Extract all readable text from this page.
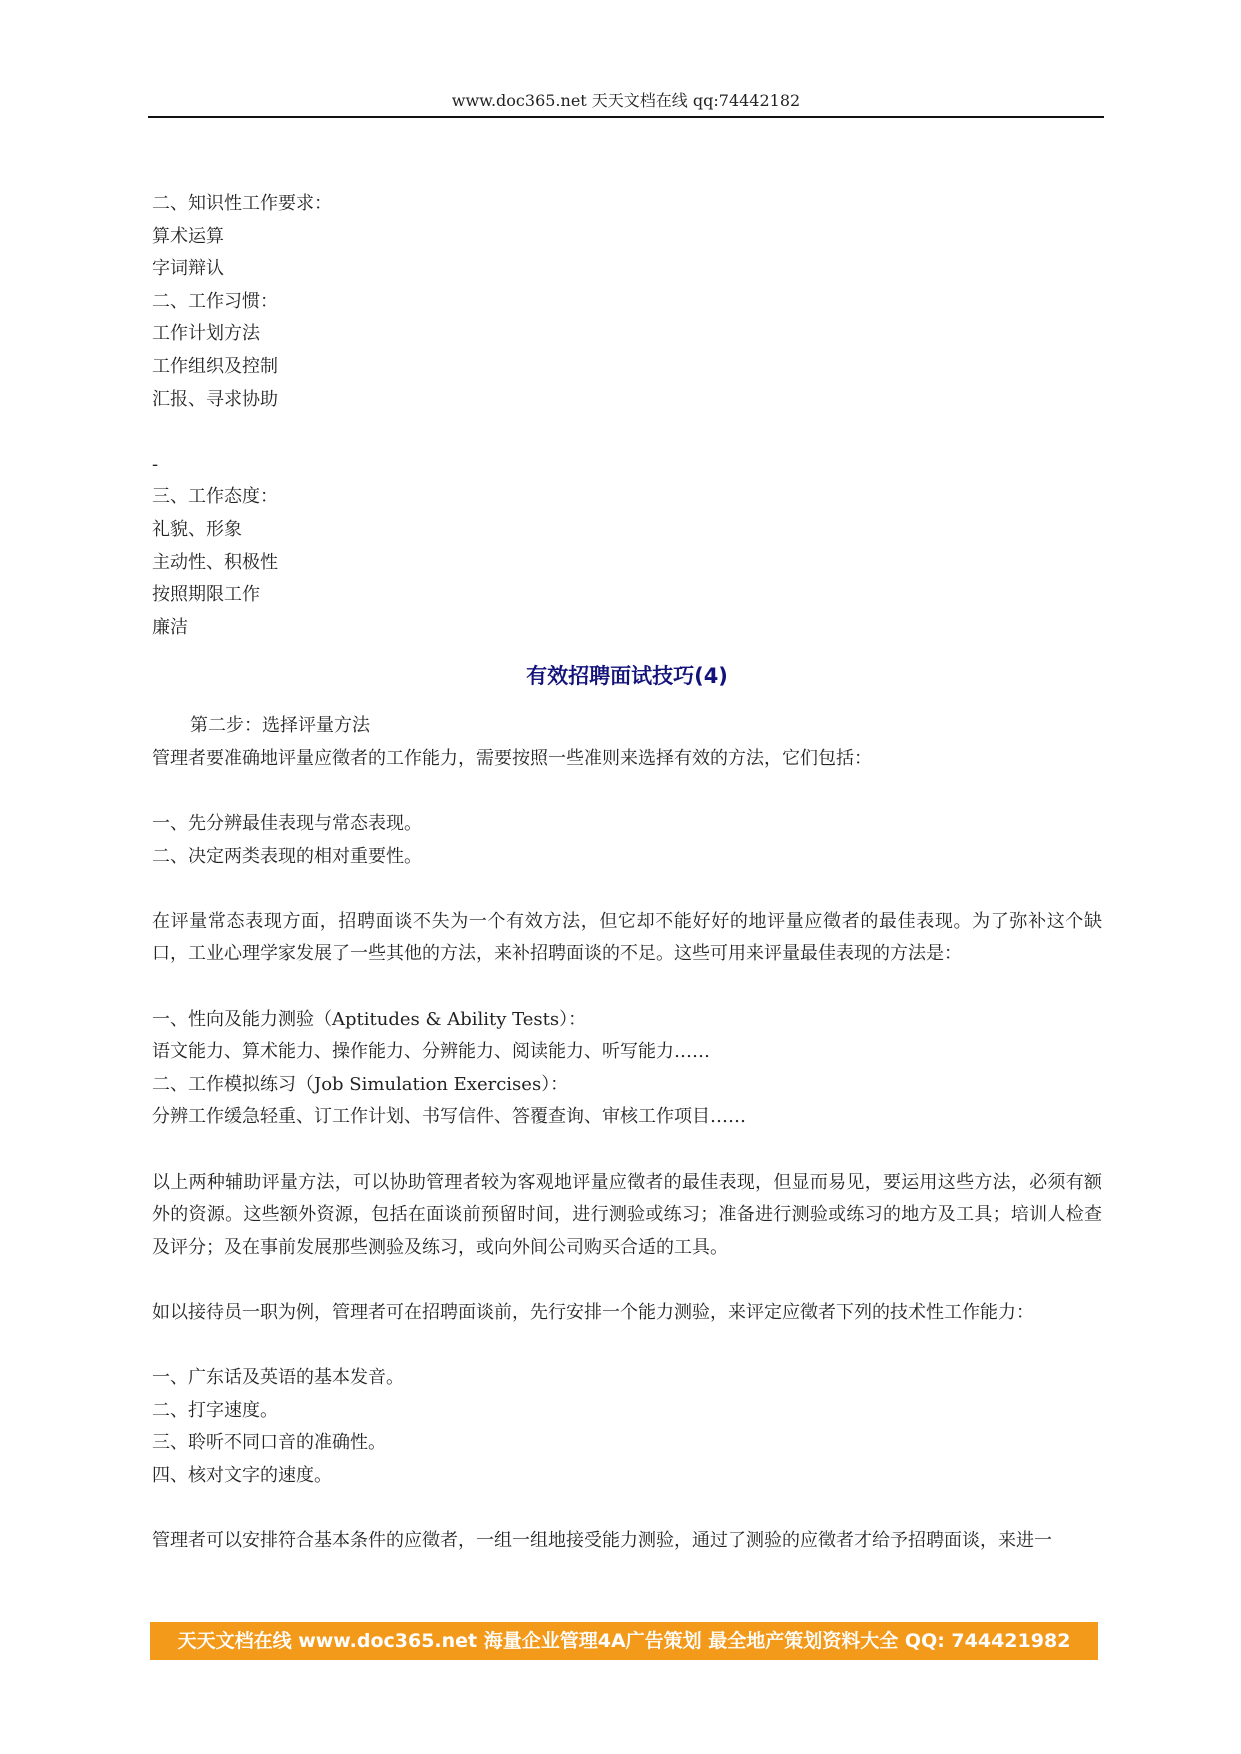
www.doc365.net 天天文档在线 qq:74442182
二、知识性工作要求：
算术运算
字词辩认
二、工作习惯：
工作计划方法
工作组织及控制
汇报、寻求协助
-
三、工作态度：
礼貌、形象
主动性、积极性
按照期限工作
廉洁
有效招聘面试技巧(4)
第二步：选择评量方法
管理者要准确地评量应徵者的工作能力，需要按照一些准则来选择有效的方法，它们包括：
一、先分辨最佳表现与常态表现。
二、决定两类表现的相对重要性。
在评量常态表现方面，招聘面谈不失为一个有效方法，但它却不能好好的地评量应徵者的最佳表现。为了弥补这个缺口，工业心理学家发展了一些其他的方法，来补招聘面谈的不足。这些可用来评量最佳表现的方法是：
一、性向及能力测验（Aptitudes & Ability Tests）：
语文能力、算术能力、操作能力、分辨能力、阅读能力、听写能力……
二、工作模拟练习（Job Simulation Exercises）：
分辨工作缓急轻重、订工作计划、书写信件、答覆查询、审核工作项目……
以上两种辅助评量方法，可以协助管理者较为客观地评量应徵者的最佳表现，但显而易见，要运用这些方法，必须有额外的资源。这些额外资源，包括在面谈前预留时间，进行测验或练习；准备进行测验或练习的地方及工具；培训人检查及评分；及在事前发展那些测验及练习，或向外间公司购买合适的工具。
如以接待员一职为例，管理者可在招聘面谈前，先行安排一个能力测验，来评定应徵者下列的技术性工作能力：
一、广东话及英语的基本发音。
二、打字速度。
三、聆听不同口音的准确性。
四、核对文字的速度。
管理者可以安排符合基本条件的应徵者，一组一组地接受能力测验，通过了测验的应徵者才给予招聘面谈，来进一
天天文档在线 www.doc365.net 海量企业管理4A广告策划 最全地产策划资料大全 QQ: 744421982
